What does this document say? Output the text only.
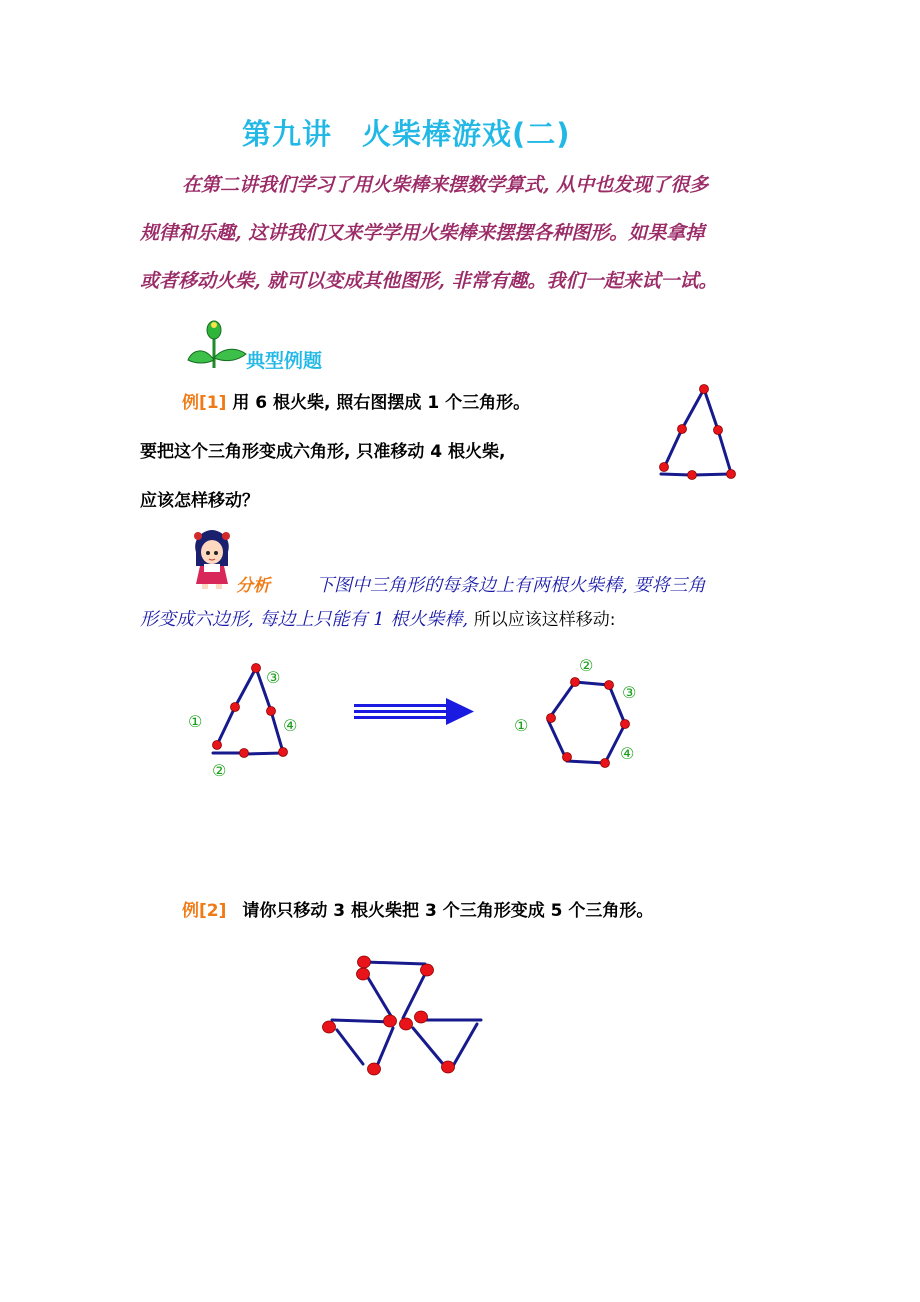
第九讲　火柴棒游戏(二)
在第二讲我们学习了用火柴棒来摆数学算式, 从中也发现了很多
规律和乐趣, 这讲我们又来学学用火柴棒来摆摆各种图形。如果拿掉
或者移动火柴, 就可以变成其他图形, 非常有趣。我们一起来试一试。
典型例题
例[1] 用 6 根火柴, 照右图摆成 1 个三角形。
要把这个三角形变成六角形, 只准移动 4 根火柴,
应该怎样移动？
分析	下图中三角形的每条边上有两根火柴棒, 要将三角
形变成六边形, 每边上只能有 1 根火柴棒, 所以应该这样移动:
①
②
③
④	①
②
③
④
例[2] 请你只移动 3 根火柴把 3 个三角形变成 5 个三角形。
